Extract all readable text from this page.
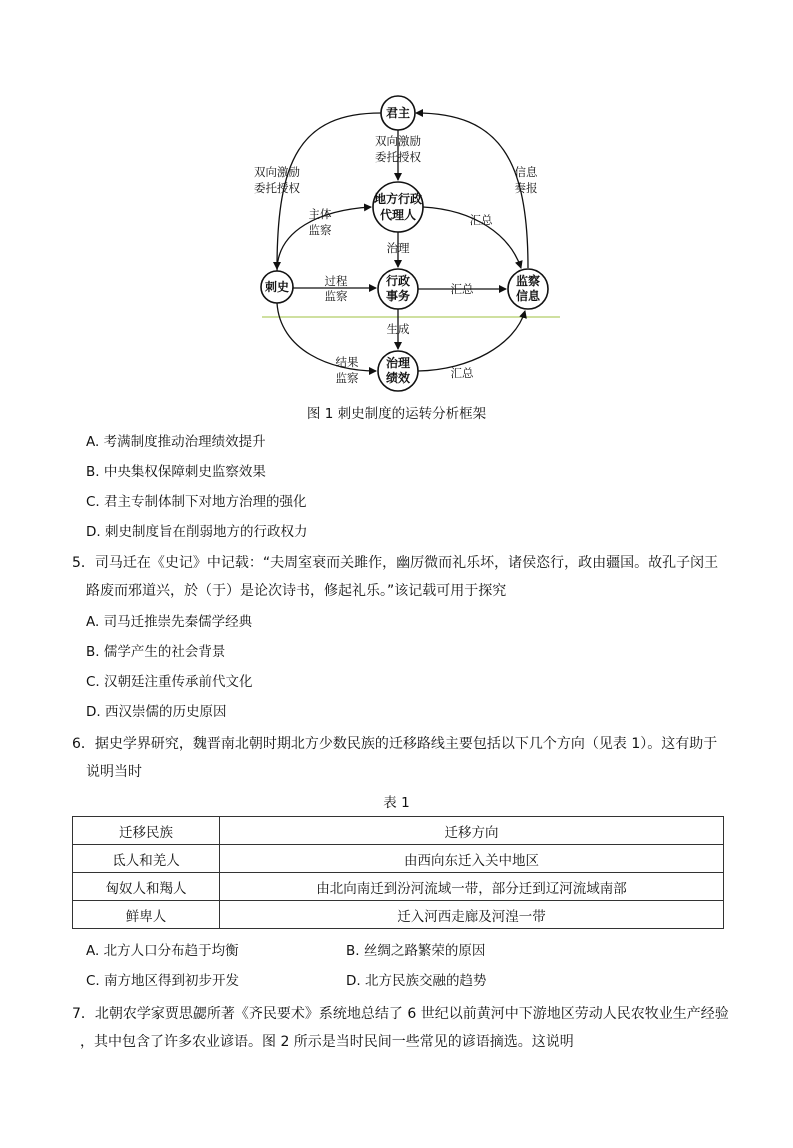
君主
地方行政
代理人
刺史	行政
事务
监察
信息
治理
绩效
双向激励
委托授权
双向激励
委托授权
信息
奏报
主体
监察
汇总
治理
过程
监察	汇总
生成
结果
监察	汇总
图 1 刺史制度的运转分析框架
A. 考满制度推动治理绩效提升
B. 中央集权保障刺史监察效果
C. 君主专制体制下对地方治理的强化
D. 刺史制度旨在削弱地方的行政权力
5．司马迁在《史记》中记载：“夫周室衰而关雎作，幽厉微而礼乐坏，诸侯恣行，政由疆国。故孔子闵王
路废而邪道兴，於（于）是论次诗书，修起礼乐。”该记载可用于探究
A. 司马迁推崇先秦儒学经典
B. 儒学产生的社会背景
C. 汉朝廷注重传承前代文化
D. 西汉崇儒的历史原因
6．据史学界研究，魏晋南北朝时期北方少数民族的迁移路线主要包括以下几个方向（见表 1）。这有助于
说明当时
表 1
迁移民族	迁移方向
氐人和羌人	由西向东迁入关中地区
匈奴人和羯人	由北向南迁到汾河流域一带，部分迁到辽河流域南部
鲜卑人	迁入河西走廊及河湟一带
A. 北方人口分布趋于均衡	B. 丝绸之路繁荣的原因
C. 南方地区得到初步开发	D. 北方民族交融的趋势
7．北朝农学家贾思勰所著《齐民要术》系统地总结了 6 世纪以前黄河中下游地区劳动人民农牧业生产经验
，其中包含了许多农业谚语。图 2 所示是当时民间一些常见的谚语摘选。这说明
